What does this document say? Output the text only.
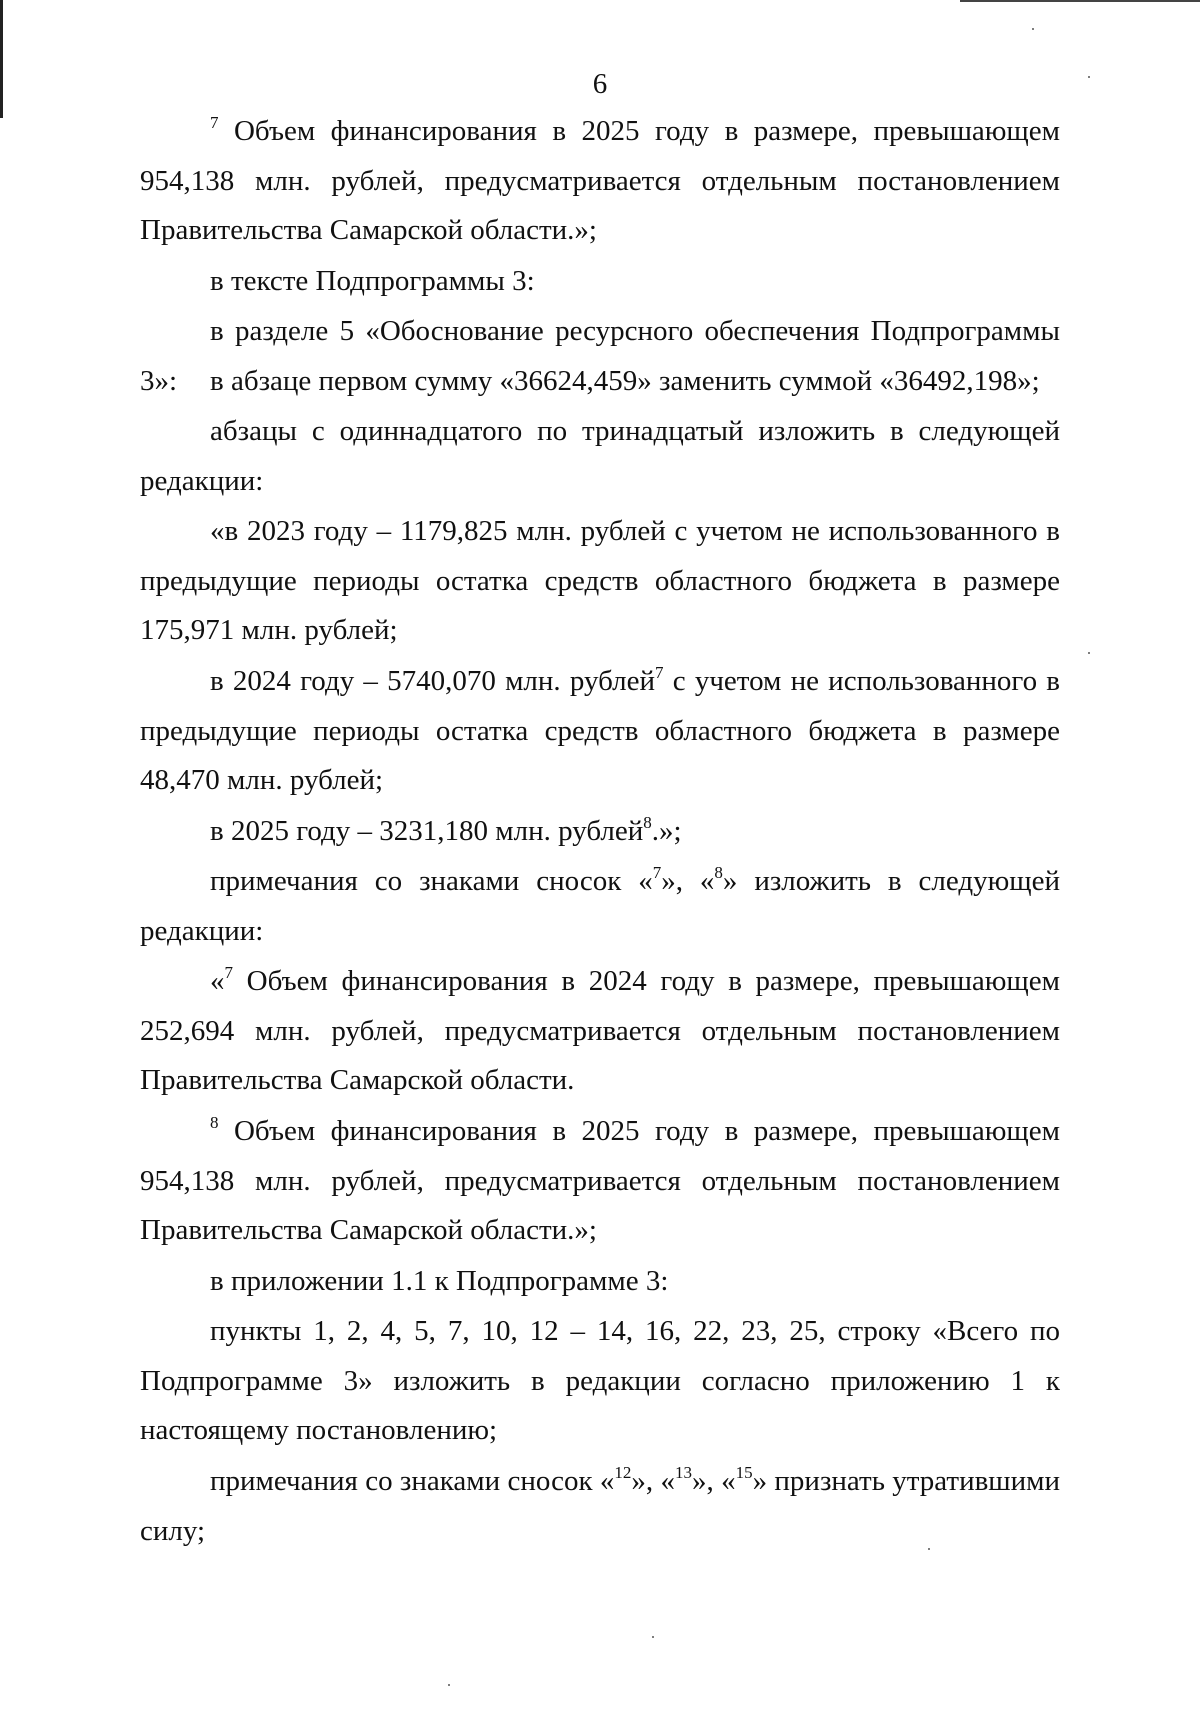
6
$^7$ Объем финансирования в 2025 году в размере, превышающем 954,138 млн. рублей, предусматривается отдельным постановлением Правительства Самарской области.»;
в тексте Подпрограммы 3:
в разделе 5 «Обоснование ресурсного обеспечения Подпрограммы 3»:	в абзаце первом сумму «36624,459» заменить суммой «36492,198»;
абзацы с одиннадцатого по тринадцатый изложить в следующей редакции:
«в 2023 году – 1179,825 млн. рублей с учетом не использованного в предыдущие периоды остатка средств областного бюджета в размере 175,971 млн. рублей;
в 2024 году – 5740,070 млн. рублей$^7$ с учетом не использованного в предыдущие периоды остатка средств областного бюджета в размере 48,470 млн. рублей;
в 2025 году – 3231,180 млн. рублей$^8$.»;
примечания со знаками сносок «$^7$», «$^8$» изложить в следующей редакции:
«$^7$ Объем финансирования в 2024 году в размере, превышающем 252,694 млн. рублей, предусматривается отдельным постановлением Правительства Самарской области.
$^8$ Объем финансирования в 2025 году в размере, превышающем 954,138 млн. рублей, предусматривается отдельным постановлением Правительства Самарской области.»;
в приложении 1.1 к Подпрограмме 3:
пункты 1, 2, 4, 5, 7, 10, 12 – 14, 16, 22, 23, 25, строку «Всего по Подпрограмме 3» изложить в редакции согласно приложению 1 к настоящему постановлению;
примечания со знаками сносок «$^{12}$», «$^{13}$», «$^{15}$» признать утратившими силу;
